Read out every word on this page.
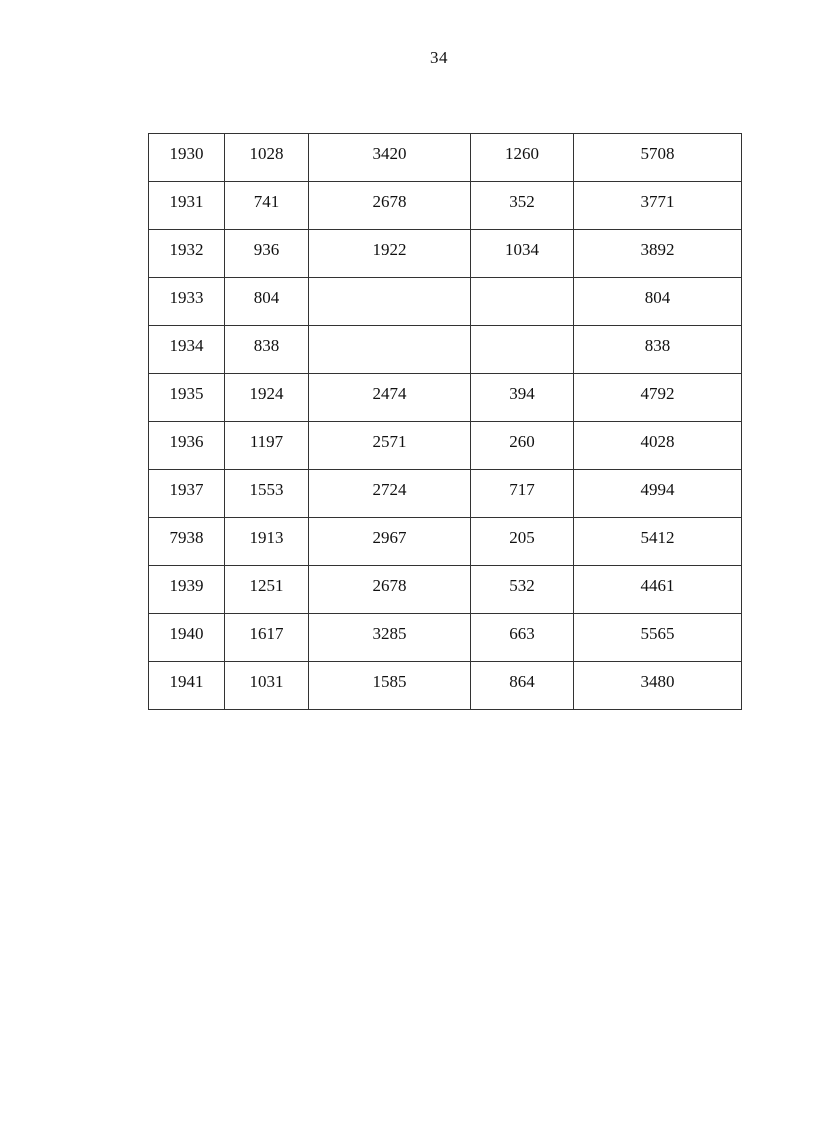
34
1930	1028	3420	1260	5708

1931	741	2678	352	3771

1932	936	1922	1034	3892

1933	804			804

1934	838			838

1935	1924	2474	394	4792

1936	1197	2571	260	4028

1937	1553	2724	717	4994

7938	1913	2967	205	5412

1939	1251	2678	532	4461

1940	1617	3285	663	5565

1941	1031	1585	864	3480
